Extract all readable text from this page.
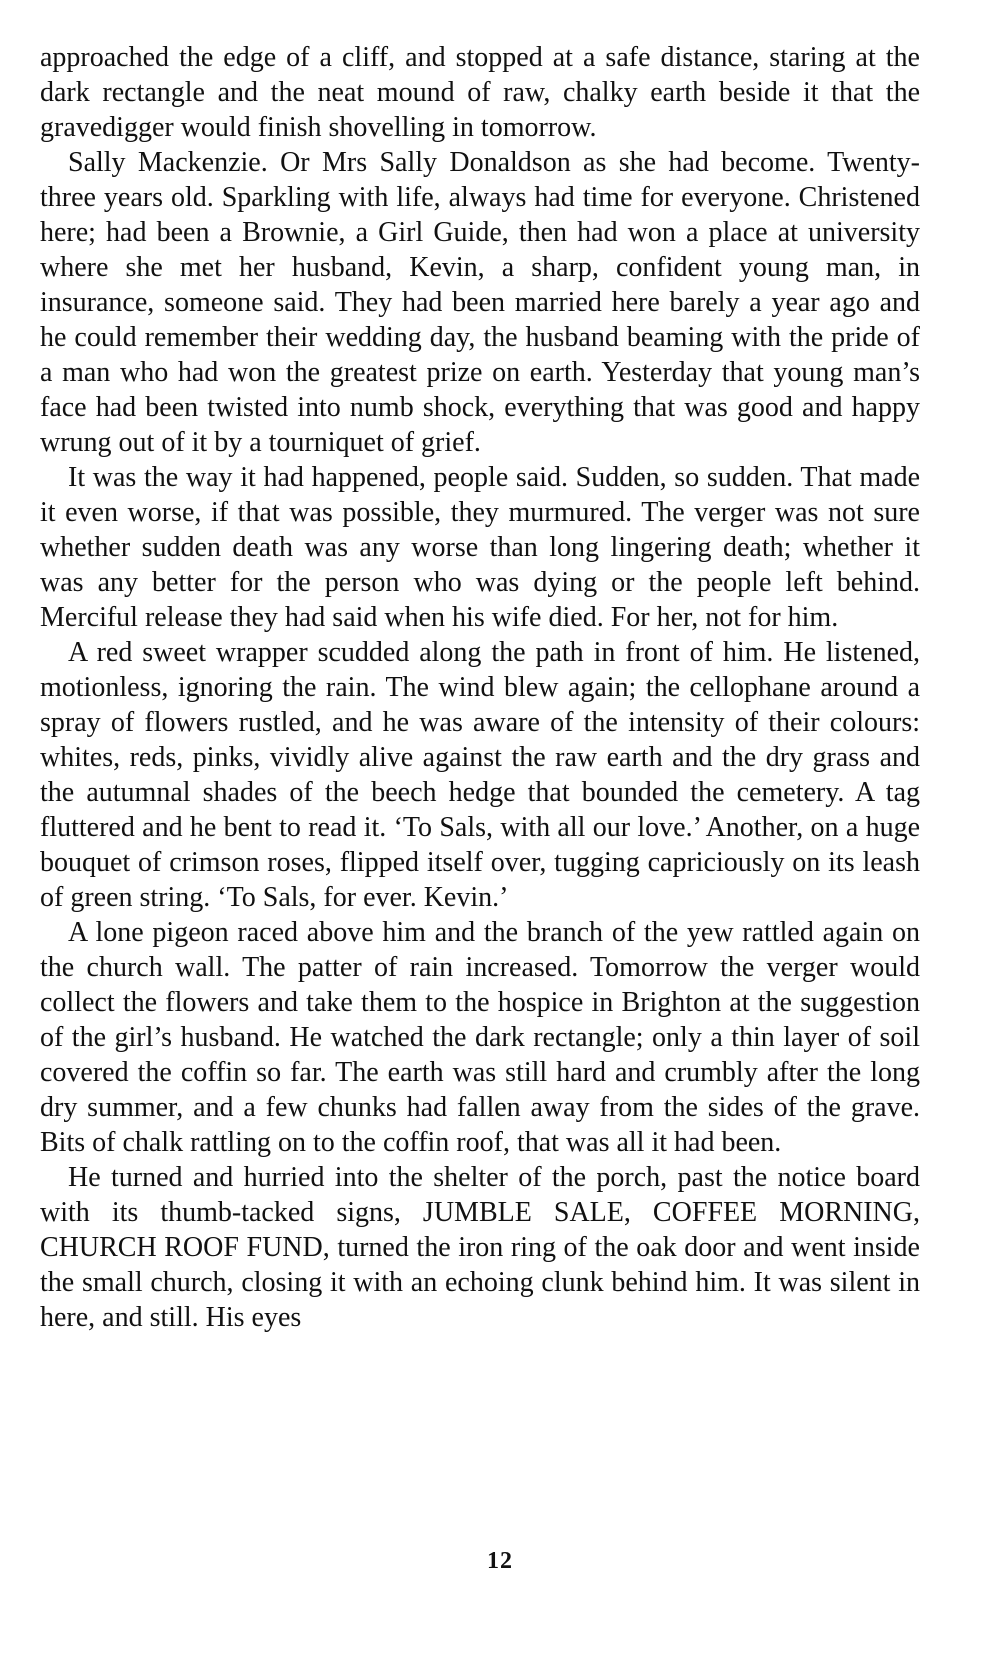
approached the edge of a cliff, and stopped at a safe distance, staring at the dark rectangle and the neat mound of raw, chalky earth beside it that the gravedigger would finish shovelling in tomorrow.

Sally Mackenzie. Or Mrs Sally Donaldson as she had become. Twenty-three years old. Sparkling with life, always had time for everyone. Christened here; had been a Brownie, a Girl Guide, then had won a place at university where she met her husband, Kevin, a sharp, confident young man, in insurance, someone said. They had been married here barely a year ago and he could remember their wedding day, the husband beaming with the pride of a man who had won the greatest prize on earth. Yesterday that young man’s face had been twisted into numb shock, everything that was good and happy wrung out of it by a tourniquet of grief.

It was the way it had happened, people said. Sudden, so sudden. That made it even worse, if that was possible, they murmured. The verger was not sure whether sudden death was any worse than long lingering death; whether it was any better for the person who was dying or the people left behind. Merciful release they had said when his wife died. For her, not for him.

A red sweet wrapper scudded along the path in front of him. He listened, motionless, ignoring the rain. The wind blew again; the cellophane around a spray of flowers rustled, and he was aware of the intensity of their colours: whites, reds, pinks, vividly alive against the raw earth and the dry grass and the autumnal shades of the beech hedge that bounded the cemetery. A tag fluttered and he bent to read it. ‘To Sals, with all our love.’ Another, on a huge bouquet of crimson roses, flipped itself over, tugging capriciously on its leash of green string. ‘To Sals, for ever. Kevin.’

A lone pigeon raced above him and the branch of the yew rattled again on the church wall. The patter of rain increased. Tomorrow the verger would collect the flowers and take them to the hospice in Brighton at the suggestion of the girl’s husband. He watched the dark rectangle; only a thin layer of soil covered the coffin so far. The earth was still hard and crumbly after the long dry summer, and a few chunks had fallen away from the sides of the grave. Bits of chalk rattling on to the coffin roof, that was all it had been.

He turned and hurried into the shelter of the porch, past the notice board with its thumb-tacked signs, JUMBLE SALE, COFFEE MORNING, CHURCH ROOF FUND, turned the iron ring of the oak door and went inside the small church, closing it with an echoing clunk behind him. It was silent in here, and still. His eyes

12
